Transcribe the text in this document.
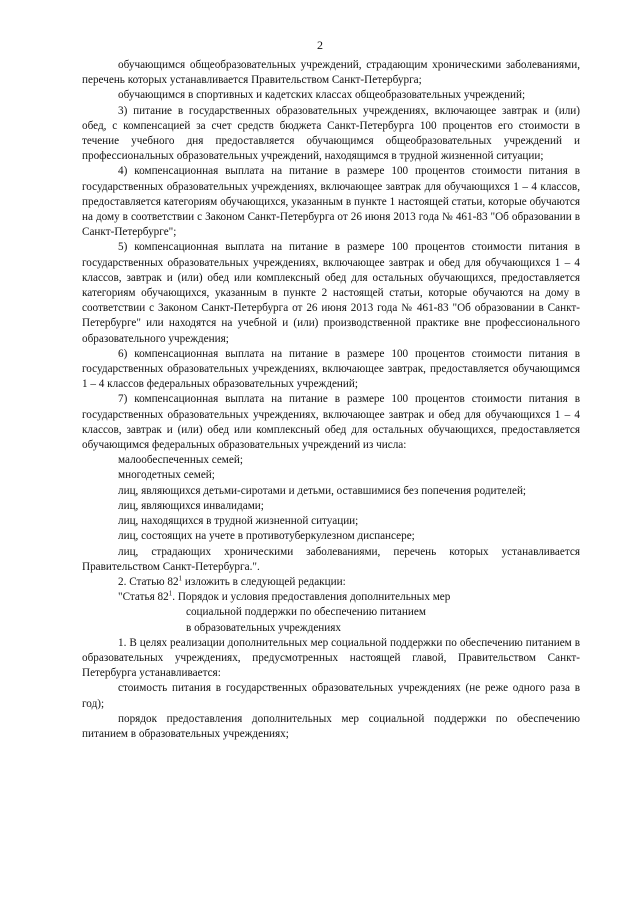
2

обучающимся общеобразовательных учреждений, страдающим хроническими заболеваниями, перечень которых устанавливается Правительством Санкт-Петербурга;

обучающимся в спортивных и кадетских классах общеобразовательных учреждений;

3) питание в государственных образовательных учреждениях, включающее завтрак и (или) обед, с компенсацией за счет средств бюджета Санкт-Петербурга 100 процентов его стоимости в течение учебного дня предоставляется обучающимся общеобразовательных учреждений и профессиональных образовательных учреждений, находящимся в трудной жизненной ситуации;

4) компенсационная выплата на питание в размере 100 процентов стоимости питания в государственных образовательных учреждениях, включающее завтрак для обучающихся 1 – 4 классов, предоставляется категориям обучающихся, указанным в пункте 1 настоящей статьи, которые обучаются на дому в соответствии с Законом Санкт-Петербурга от 26 июня 2013 года № 461-83 "Об образовании в Санкт-Петербурге";

5) компенсационная выплата на питание в размере 100 процентов стоимости питания в государственных образовательных учреждениях, включающее завтрак и обед для обучающихся 1 – 4 классов, завтрак и (или) обед или комплексный обед для остальных обучающихся, предоставляется категориям обучающихся, указанным в пункте 2 настоящей статьи, которые обучаются на дому в соответствии с Законом Санкт-Петербурга от 26 июня 2013 года № 461-83 "Об образовании в Санкт-Петербурге" или находятся на учебной и (или) производственной практике вне профессионального образовательного учреждения;

6) компенсационная выплата на питание в размере 100 процентов стоимости питания в государственных образовательных учреждениях, включающее завтрак, предоставляется обучающимся 1 – 4 классов федеральных образовательных учреждений;

7) компенсационная выплата на питание в размере 100 процентов стоимости питания в государственных образовательных учреждениях, включающее завтрак и обед для обучающихся 1 – 4 классов, завтрак и (или) обед или комплексный обед для остальных обучающихся, предоставляется обучающимся федеральных образовательных учреждений из числа:

малообеспеченных семей;

многодетных семей;

лиц, являющихся детьми-сиротами и детьми, оставшимися без попечения родителей;

лиц, являющихся инвалидами;

лиц, находящихся в трудной жизненной ситуации;

лиц, состоящих на учете в противотуберкулезном диспансере;

лиц, страдающих хроническими заболеваниями, перечень которых устанавливается Правительством Санкт-Петербурга.".

2. Статью $82^1$ изложить в следующей редакции:

"Статья $82^1$. Порядок и условия предоставления дополнительных мер

социальной поддержки по обеспечению питанием

в образовательных учреждениях

1. В целях реализации дополнительных мер социальной поддержки по обеспечению питанием в образовательных учреждениях, предусмотренных настоящей главой, Правительством Санкт-Петербурга устанавливается:

стоимость питания в государственных образовательных учреждениях (не реже одного раза в год);

порядок предоставления дополнительных мер социальной поддержки по обеспечению питанием в образовательных учреждениях;
